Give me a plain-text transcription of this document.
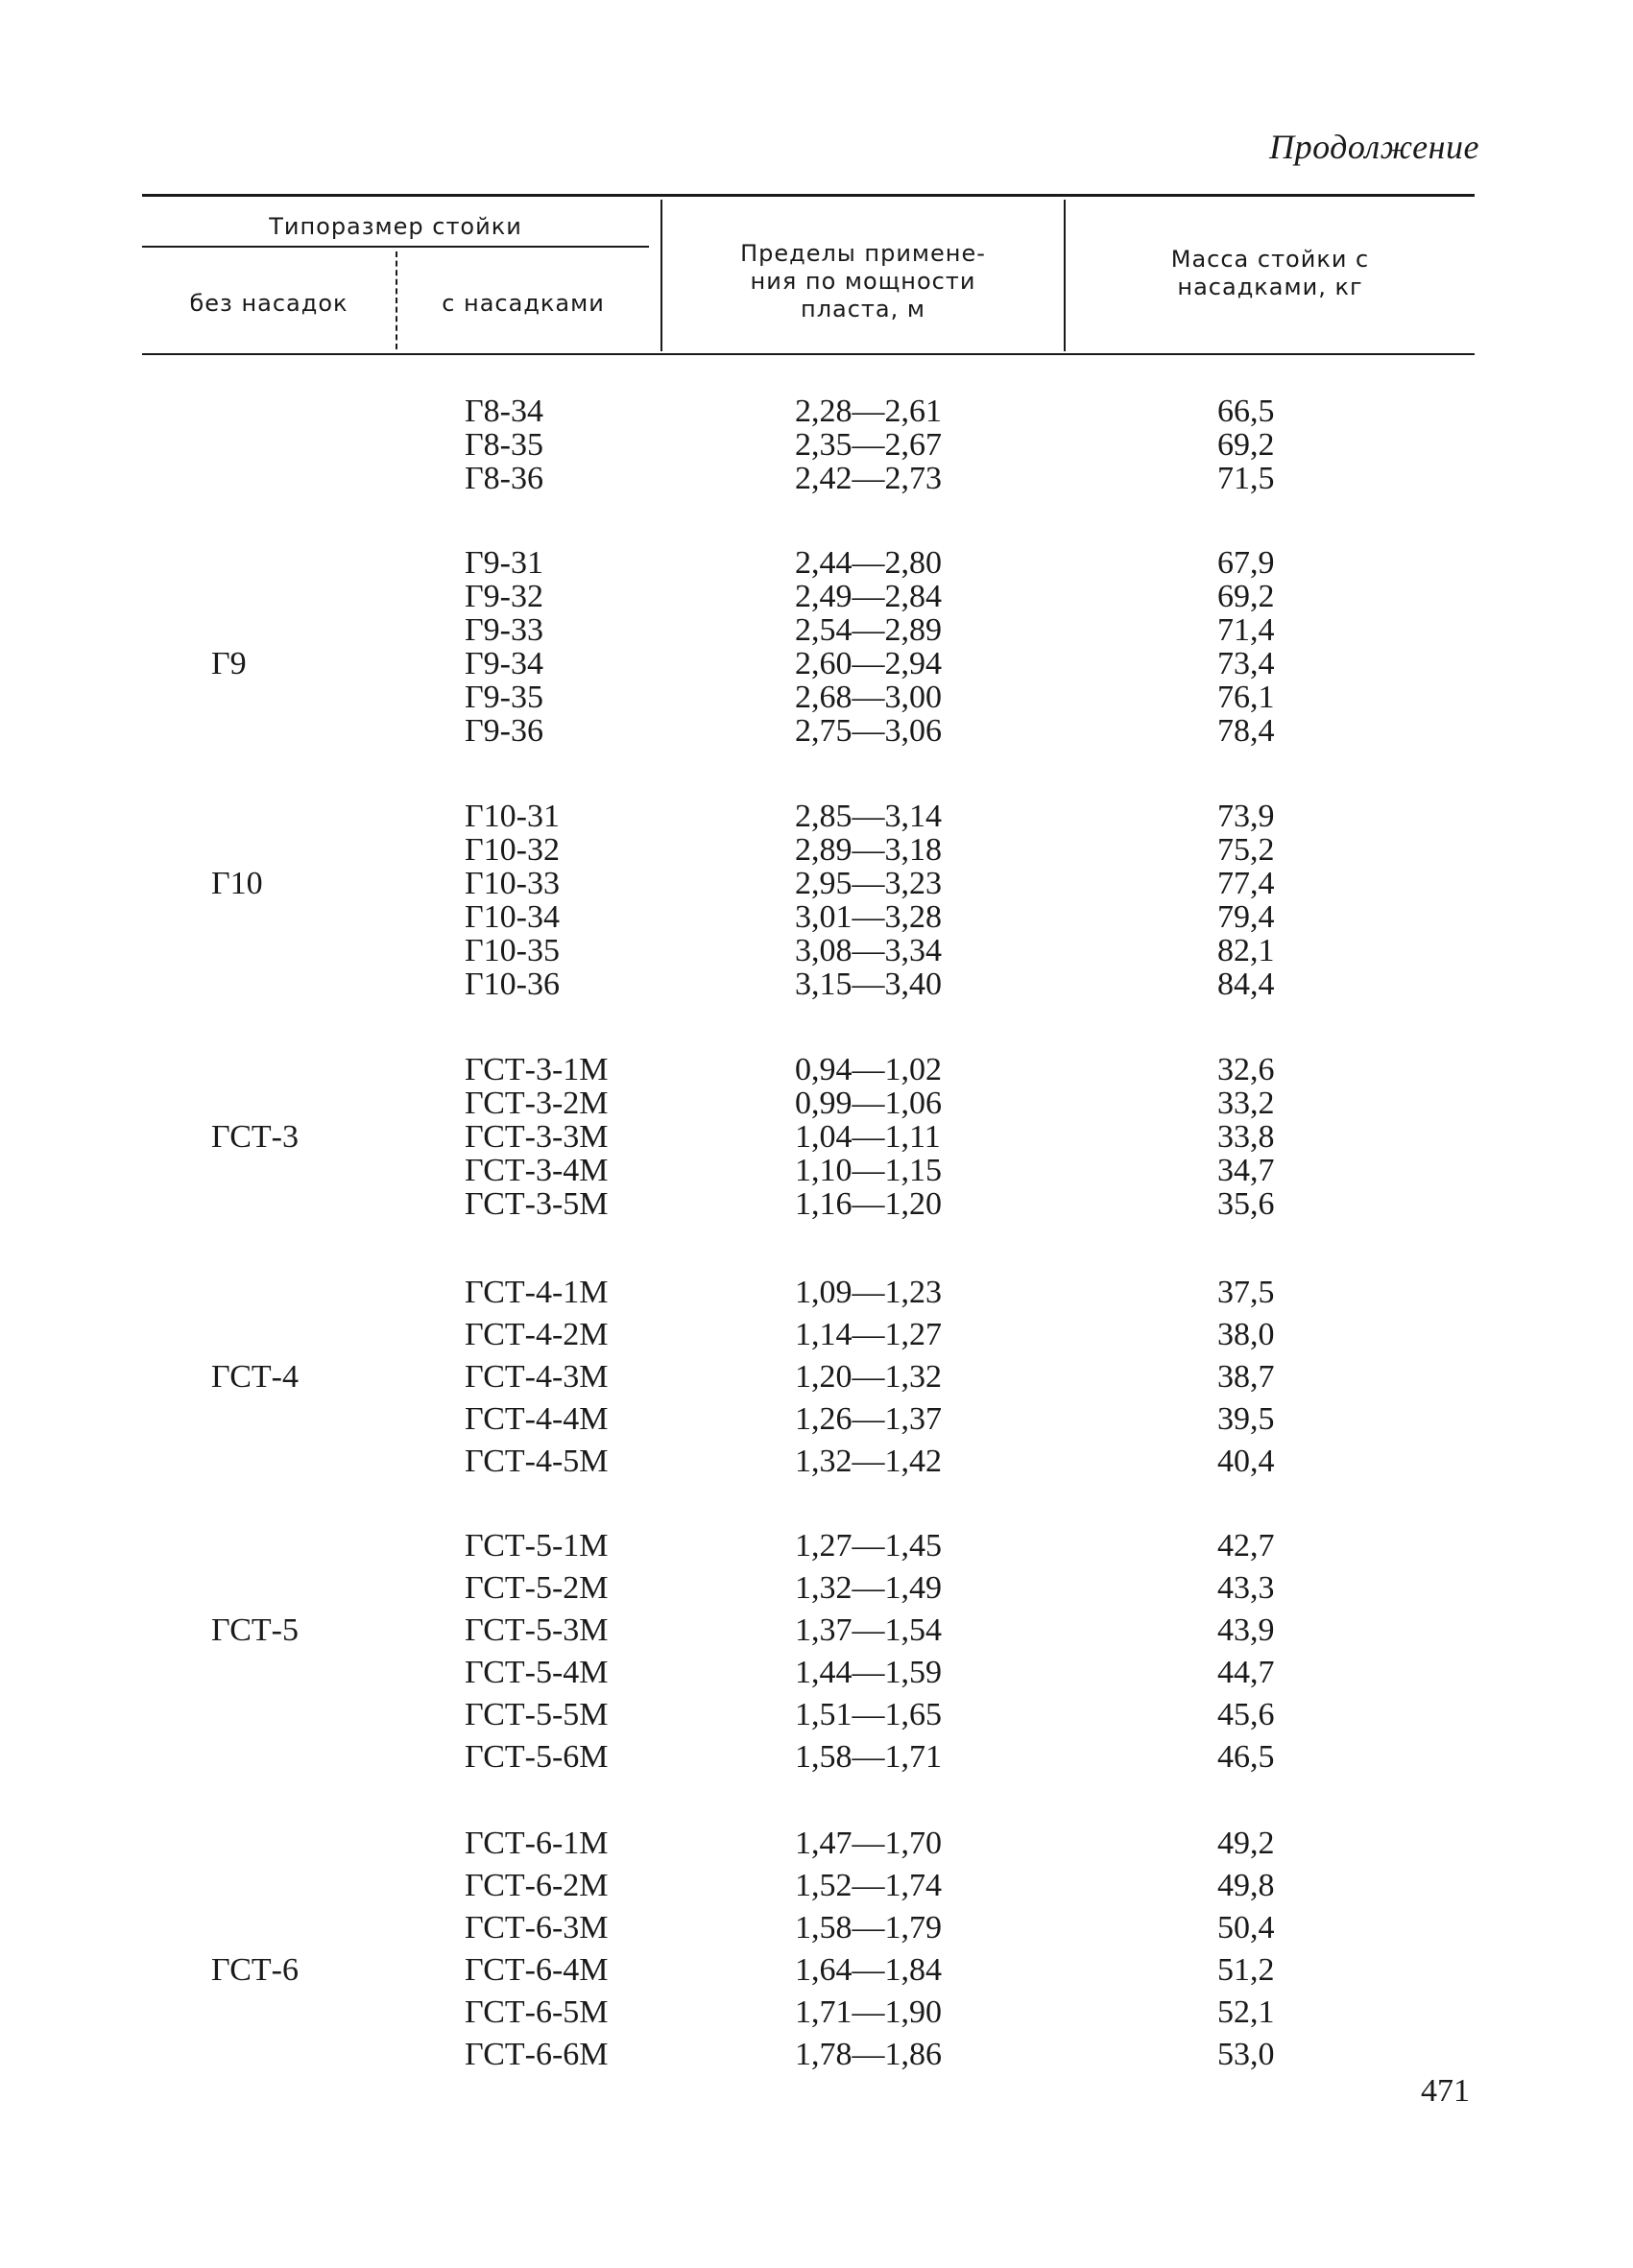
Продолжение
Типоразмер стойки
без насадок	с насадками
Пределы примене-
ния по мощности
пласта, м
Масса стойки с
насадками, кг
Г8-34	2,28—2,61	66,5
Г8-35	2,35—2,67	69,2
Г8-36	2,42—2,73	71,5
Г9
Г9-31	2,44—2,80	67,9
Г9-32	2,49—2,84	69,2
Г9-33	2,54—2,89	71,4
Г9-34	2,60—2,94	73,4
Г9-35	2,68—3,00	76,1
Г9-36	2,75—3,06	78,4
Г10
Г10-31	2,85—3,14	73,9
Г10-32	2,89—3,18	75,2
Г10-33	2,95—3,23	77,4
Г10-34	3,01—3,28	79,4
Г10-35	3,08—3,34	82,1
Г10-36	3,15—3,40	84,4
ГСТ-3
ГСТ-3-1М	0,94—1,02	32,6
ГСТ-3-2М	0,99—1,06	33,2
ГСТ-3-3М	1,04—1,11	33,8
ГСТ-3-4М	1,10—1,15	34,7
ГСТ-3-5М	1,16—1,20	35,6
ГСТ-4
ГСТ-4-1М	1,09—1,23	37,5
ГСТ-4-2М	1,14—1,27	38,0
ГСТ-4-3М	1,20—1,32	38,7
ГСТ-4-4М	1,26—1,37	39,5
ГСТ-4-5М	1,32—1,42	40,4
ГСТ-5
ГСТ-5-1М	1,27—1,45	42,7
ГСТ-5-2М	1,32—1,49	43,3
ГСТ-5-3М	1,37—1,54	43,9
ГСТ-5-4М	1,44—1,59	44,7
ГСТ-5-5М	1,51—1,65	45,6
ГСТ-5-6М	1,58—1,71	46,5
ГСТ-6
ГСТ-6-1М	1,47—1,70	49,2
ГСТ-6-2М	1,52—1,74	49,8
ГСТ-6-3М	1,58—1,79	50,4
ГСТ-6-4М	1,64—1,84	51,2
ГСТ-6-5М	1,71—1,90	52,1
ГСТ-6-6М	1,78—1,86	53,0
471
